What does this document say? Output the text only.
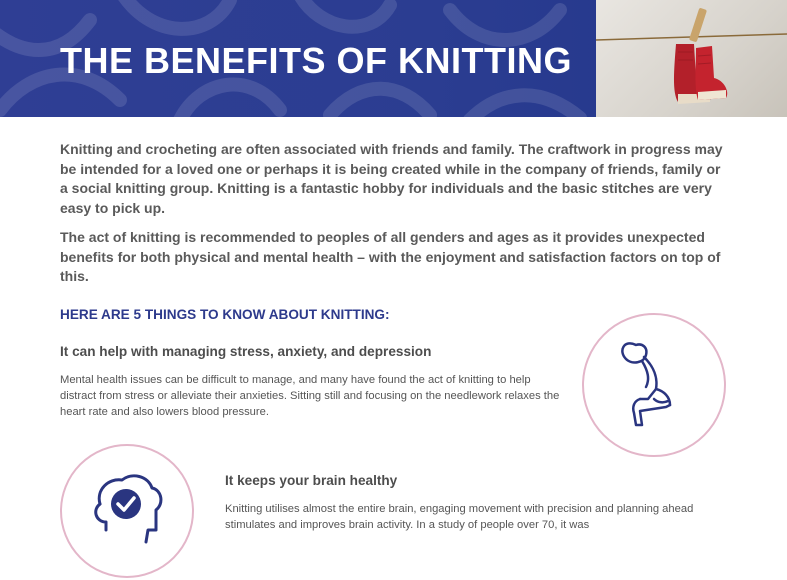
THE BENEFITS OF KNITTING

Knitting and crocheting are often associated with friends and family. The craftwork in progress may be intended for a loved one or perhaps it is being created while in the company of friends, family or a social knitting group. Knitting is a fantastic hobby for individuals and the basic stitches are very easy to pick up.

The act of knitting is recommended to peoples of all genders and ages as it provides unexpected benefits for both physical and mental health – with the enjoyment and satisfaction factors on top of this.

HERE ARE 5 THINGS TO KNOW ABOUT KNITTING:
It can help with managing stress, anxiety, and depression

Mental health issues can be difficult to manage, and many have found the act of knitting to help distract from stress or alleviate their anxieties. Sitting still and focusing on the needlework relaxes the heart rate and also lowers blood pressure.

It keeps your brain healthy

Knitting utilises almost the entire brain, engaging movement with precision and planning ahead stimulates and improves brain activity. In a study of people over 70, it was
